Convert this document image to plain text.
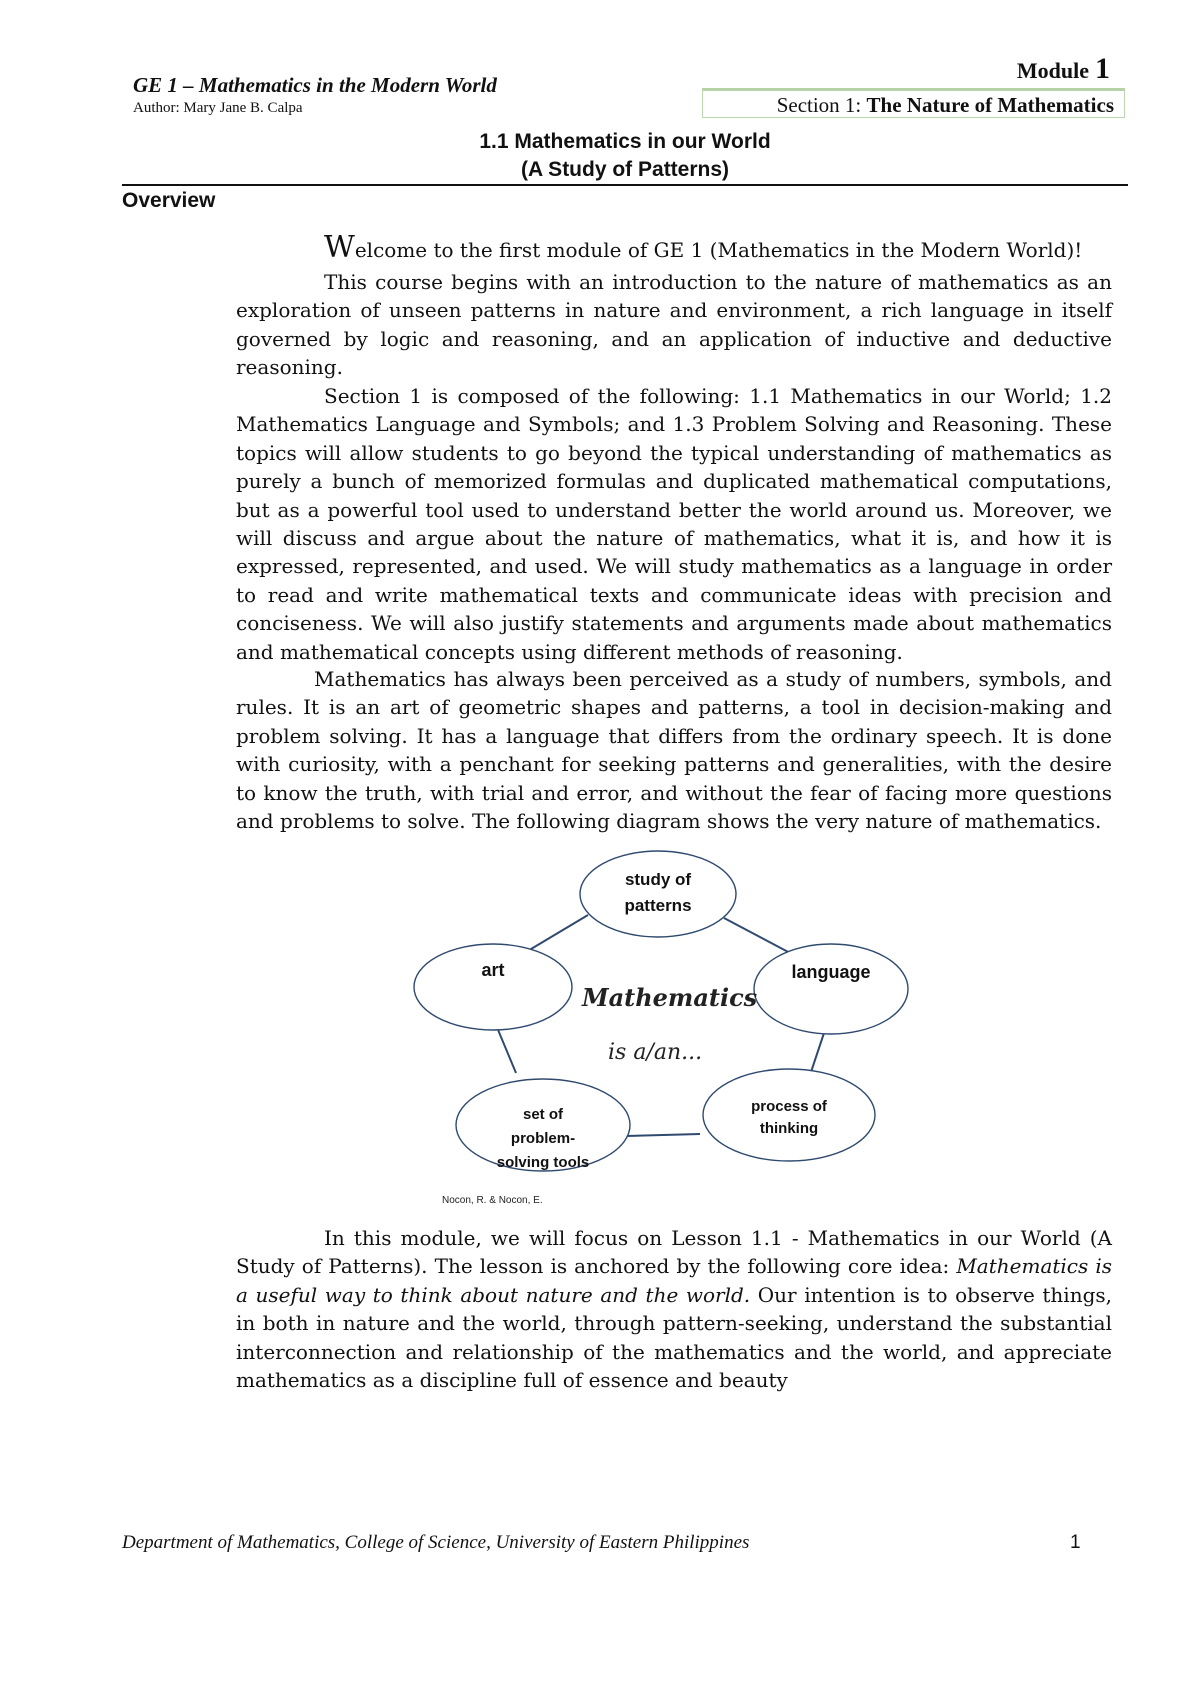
GE 1 – Mathematics in the Modern World
Author: Mary Jane B. Calpa
Module 1
Section 1: The Nature of Mathematics
1.1 Mathematics in our World
(A Study of Patterns)
Overview

Welcome to the first module of GE 1 (Mathematics in the Modern World)!

This course begins with an introduction to the nature of mathematics as an exploration of unseen patterns in nature and environment, a rich language in itself governed by logic and reasoning, and an application of inductive and deductive reasoning.

Section 1 is composed of the following: 1.1 Mathematics in our World; 1.2 Mathematics Language and Symbols; and 1.3 Problem Solving and Reasoning. These topics will allow students to go beyond the typical understanding of mathematics as purely a bunch of memorized formulas and duplicated mathematical computations, but as a powerful tool used to understand better the world around us. Moreover, we will discuss and argue about the nature of mathematics, what it is, and how it is expressed, represented, and used. We will study mathematics as a language in order to read and write mathematical texts and communicate ideas with precision and conciseness. We will also justify statements and arguments made about mathematics and mathematical concepts using different methods of reasoning.

Mathematics has always been perceived as a study of numbers, symbols, and rules. It is an art of geometric shapes and patterns, a tool in decision-making and problem solving. It has a language that differs from the ordinary speech. It is done with curiosity, with a penchant for seeking patterns and generalities, with the desire to know the truth, with trial and error, and without the fear of facing more questions and problems to solve. The following diagram shows the very nature of mathematics.

study of
patterns
art	language
set of
problem-
solving tools
process of
thinking
Mathematics
is a/an...
Nocon, R. & Nocon, E.

In this module, we will focus on Lesson 1.1 - Mathematics in our World (A Study of Patterns). The lesson is anchored by the following core idea: Mathematics is a useful way to think about nature and the world. Our intention is to observe things, in both in nature and the world, through pattern-seeking, understand the substantial interconnection and relationship of the mathematics and the world, and appreciate mathematics as a discipline full of essence and beauty

Department of Mathematics, College of Science, University of Eastern Philippines	1
